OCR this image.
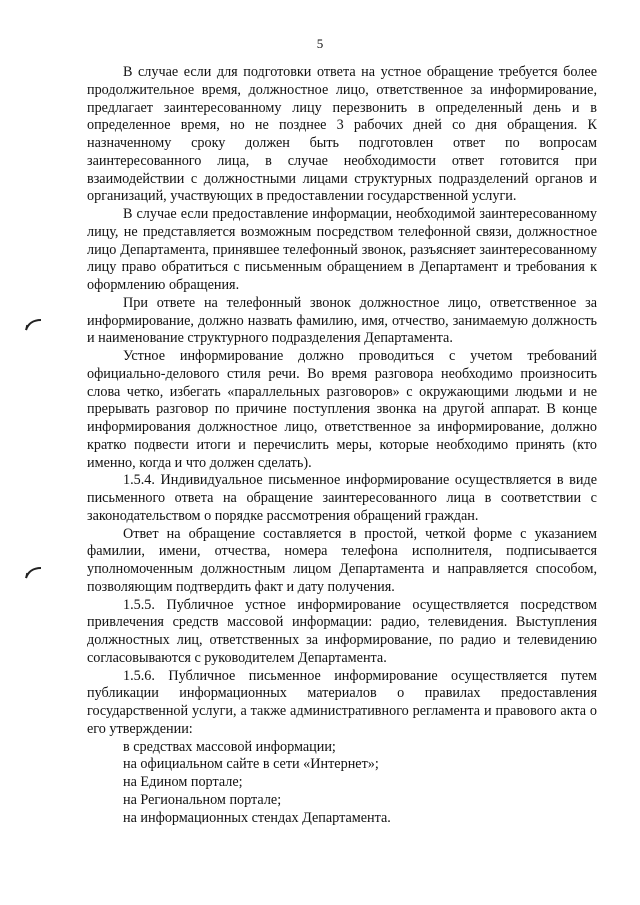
5

В случае если для подготовки ответа на устное обращение требуется более продолжительное время, должностное лицо, ответственное за информирование, предлагает заинтересованному лицу перезвонить в определенный день и в определенное время, но не позднее 3 рабочих дней со дня обращения. К назначенному сроку должен быть подготовлен ответ по вопросам заинтересованного лица, в случае необходимости ответ готовится при взаимодействии с должностными лицами структурных подразделений органов и организаций, участвующих в предоставлении государственной услуги.

В случае если предоставление информации, необходимой заинтересованному лицу, не представляется возможным посредством телефонной связи, должностное лицо Департамента, принявшее телефонный звонок, разъясняет заинтересованному лицу право обратиться с письменным обращением в Департамент и требования к оформлению обращения.

При ответе на телефонный звонок должностное лицо, ответственное за информирование, должно назвать фамилию, имя, отчество, занимаемую должность и наименование структурного подразделения Департамента.

Устное информирование должно проводиться с учетом требований официально-делового стиля речи. Во время разговора необходимо произносить слова четко, избегать «параллельных разговоров» с окружающими людьми и не прерывать разговор по причине поступления звонка на другой аппарат. В конце информирования должностное лицо, ответственное за информирование, должно кратко подвести итоги и перечислить меры, которые необходимо принять (кто именно, когда и что должен сделать).

1.5.4. Индивидуальное письменное информирование осуществляется в виде письменного ответа на обращение заинтересованного лица в соответствии с законодательством о порядке рассмотрения обращений граждан.

Ответ на обращение составляется в простой, четкой форме с указанием фамилии, имени, отчества, номера телефона исполнителя, подписывается уполномоченным должностным лицом Департамента и направляется способом, позволяющим подтвердить факт и дату получения.

1.5.5. Публичное устное информирование осуществляется посредством привлечения средств массовой информации: радио, телевидения. Выступления должностных лиц, ответственных за информирование, по радио и телевидению согласовываются с руководителем Департамента.

1.5.6. Публичное письменное информирование осуществляется путем публикации информационных материалов о правилах предоставления государственной услуги, а также административного регламента и правового акта о его утверждении:

в средствах массовой информации;

на официальном сайте в сети «Интернет»;

на Едином портале;

на Региональном портале;

на информационных стендах Департамента.
